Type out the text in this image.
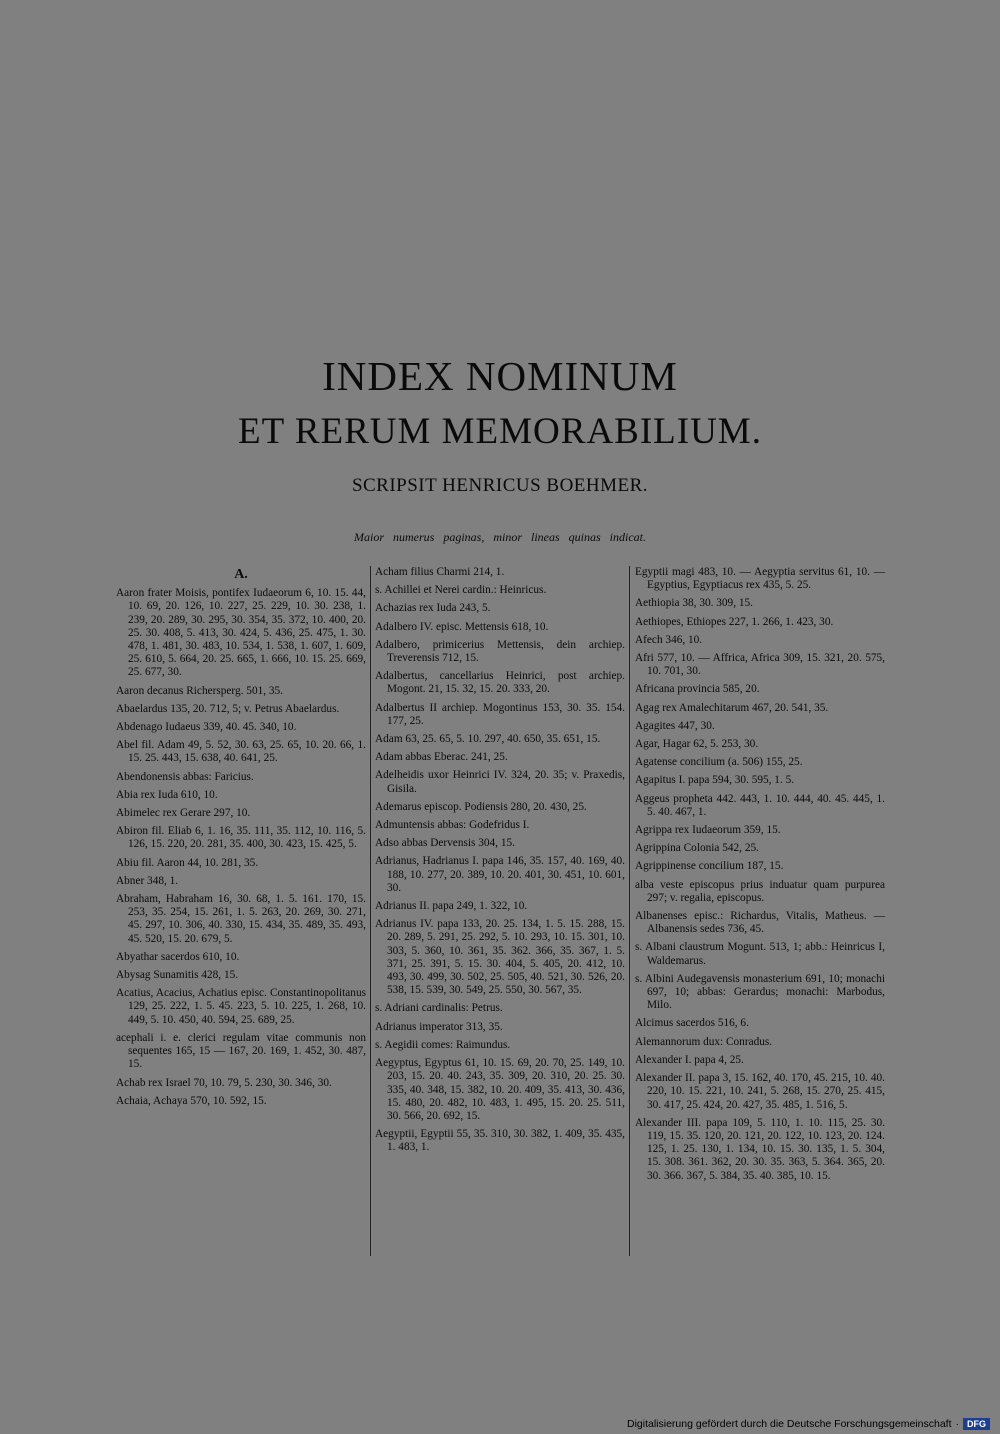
INDEX NOMINUM
ET RERUM MEMORABILIUM.
SCRIPSIT HENRICUS BOEHMER.
Maior numerus paginas, minor lineas quinas indicat.
A.

Aaron frater Moisis, pontifex Iudaeorum 6, 10. 15. 44, 10. 69, 20. 126, 10. 227, 25. 229, 10. 30. 238, 1. 239, 20. 289, 30. 295, 30. 354, 35. 372, 10. 400, 20. 25. 30. 408, 5. 413, 30. 424, 5. 436, 25. 475, 1. 30. 478, 1. 481, 30. 483, 10. 534, 1. 538, 1. 607, 1. 609, 25. 610, 5. 664, 20. 25. 665, 1. 666, 10. 15. 25. 669, 25. 677, 30.

Aaron decanus Richersperg. 501, 35.

Abaelardus 135, 20. 712, 5; v. Petrus Abaelardus.

Abdenago Iudaeus 339, 40. 45. 340, 10.

Abel fil. Adam 49, 5. 52, 30. 63, 25. 65, 10. 20. 66, 1. 15. 25. 443, 15. 638, 40. 641, 25.

Abendonensis abbas: Faricius.

Abia rex Iuda 610, 10.

Abimelec rex Gerare 297, 10.

Abiron fil. Eliab 6, 1. 16, 35. 111, 35. 112, 10. 116, 5. 126, 15. 220, 20. 281, 35. 400, 30. 423, 15. 425, 5.

Abiu fil. Aaron 44, 10. 281, 35.

Abner 348, 1.

Abraham, Habraham 16, 30. 68, 1. 5. 161. 170, 15. 253, 35. 254, 15. 261, 1. 5. 263, 20. 269, 30. 271, 45. 297, 10. 306, 40. 330, 15. 434, 35. 489, 35. 493, 45. 520, 15. 20. 679, 5.

Abyathar sacerdos 610, 10.

Abysag Sunamitis 428, 15.

Acatius, Acacius, Achatius episc. Constantinopolitanus 129, 25. 222, 1. 5. 45. 223, 5. 10. 225, 1. 268, 10. 449, 5. 10. 450, 40. 594, 25. 689, 25.

acephali i. e. clerici regulam vitae communis non sequentes 165, 15 — 167, 20. 169, 1. 452, 30. 487, 15.

Achab rex Israel 70, 10. 79, 5. 230, 30. 346, 30.

Achaia, Achaya 570, 10. 592, 15.

Acham filius Charmi 214, 1.

s. Achillei et Nerei cardin.: Heinricus.

Achazias rex Iuda 243, 5.

Adalbero IV. episc. Mettensis 618, 10.

Adalbero, primicerius Mettensis, dein archiep. Treverensis 712, 15.

Adalbertus, cancellarius Heinrici, post archiep. Mogont. 21, 15. 32, 15. 20. 333, 20.

Adalbertus II archiep. Mogontinus 153, 30. 35. 154. 177, 25.

Adam 63, 25. 65, 5. 10. 297, 40. 650, 35. 651, 15.

Adam abbas Eberac. 241, 25.

Adelheidis uxor Heinrici IV. 324, 20. 35; v. Praxedis, Gisila.

Ademarus episcop. Podiensis 280, 20. 430, 25.

Admuntensis abbas: Godefridus I.

Adso abbas Dervensis 304, 15.

Adrianus, Hadrianus I. papa 146, 35. 157, 40. 169, 40. 188, 10. 277, 20. 389, 10. 20. 401, 30. 451, 10. 601, 30.

Adrianus II. papa 249, 1. 322, 10.

Adrianus IV. papa 133, 20. 25. 134, 1. 5. 15. 288, 15. 20. 289, 5. 291, 25. 292, 5. 10. 293, 10. 15. 301, 10. 303, 5. 360, 10. 361, 35. 362. 366, 35. 367, 1. 5. 371, 25. 391, 5. 15. 30. 404, 5. 405, 20. 412, 10. 493, 30. 499, 30. 502, 25. 505, 40. 521, 30. 526, 20. 538, 15. 539, 30. 549, 25. 550, 30. 567, 35.

s. Adriani cardinalis: Petrus.

Adrianus imperator 313, 35.

s. Aegidii comes: Raimundus.

Aegyptus, Egyptus 61, 10. 15. 69, 20. 70, 25. 149, 10. 203, 15. 20. 40. 243, 35. 309, 20. 310, 20. 25. 30. 335, 40. 348, 15. 382, 10. 20. 409, 35. 413, 30. 436, 15. 480, 20. 482, 10. 483, 1. 495, 15. 20. 25. 511, 30. 566, 20. 692, 15.

Aegyptii, Egyptii 55, 35. 310, 30. 382, 1. 409, 35. 435, 1. 483, 1.

Egyptii magi 483, 10. — Aegyptia servitus 61, 10. — Egyptius, Egyptiacus rex 435, 5. 25.

Aethiopia 38, 30. 309, 15.

Aethiopes, Ethiopes 227, 1. 266, 1. 423, 30.

Afech 346, 10.

Afri 577, 10. — Affrica, Africa 309, 15. 321, 20. 575, 10. 701, 30.

Africana provincia 585, 20.

Agag rex Amalechitarum 467, 20. 541, 35.

Agagites 447, 30.

Agar, Hagar 62, 5. 253, 30.

Agatense concilium (a. 506) 155, 25.

Agapitus I. papa 594, 30. 595, 1. 5.

Aggeus propheta 442. 443, 1. 10. 444, 40. 45. 445, 1. 5. 40. 467, 1.

Agrippa rex Iudaeorum 359, 15.

Agrippina Colonia 542, 25.

Agrippinense concilium 187, 15.

alba veste episcopus prius induatur quam purpurea 297; v. regalia, episcopus.

Albanenses episc.: Richardus, Vitalis, Matheus. — Albanensis sedes 736, 45.

s. Albani claustrum Mogunt. 513, 1; abb.: Heinricus I, Waldemarus.

s. Albini Audegavensis monasterium 691, 10; monachi 697, 10; abbas: Gerardus; monachi: Marbodus, Milo.

Alcimus sacerdos 516, 6.

Alemannorum dux: Conradus.

Alexander I. papa 4, 25.

Alexander II. papa 3, 15. 162, 40. 170, 45. 215, 10. 40. 220, 10. 15. 221, 10. 241, 5. 268, 15. 270, 25. 415, 30. 417, 25. 424, 20. 427, 35. 485, 1. 516, 5.

Alexander III. papa 109, 5. 110, 1. 10. 115, 25. 30. 119, 15. 35. 120, 20. 121, 20. 122, 10. 123, 20. 124. 125, 1. 25. 130, 1. 134, 10. 15. 30. 135, 1. 5. 304, 15. 308. 361. 362, 20. 30. 35. 363, 5. 364. 365, 20. 30. 366. 367, 5. 384, 35. 40. 385, 10. 15.

Digitalisierung gefördert durch die Deutsche Forschungsgemeinschaft · DFG
